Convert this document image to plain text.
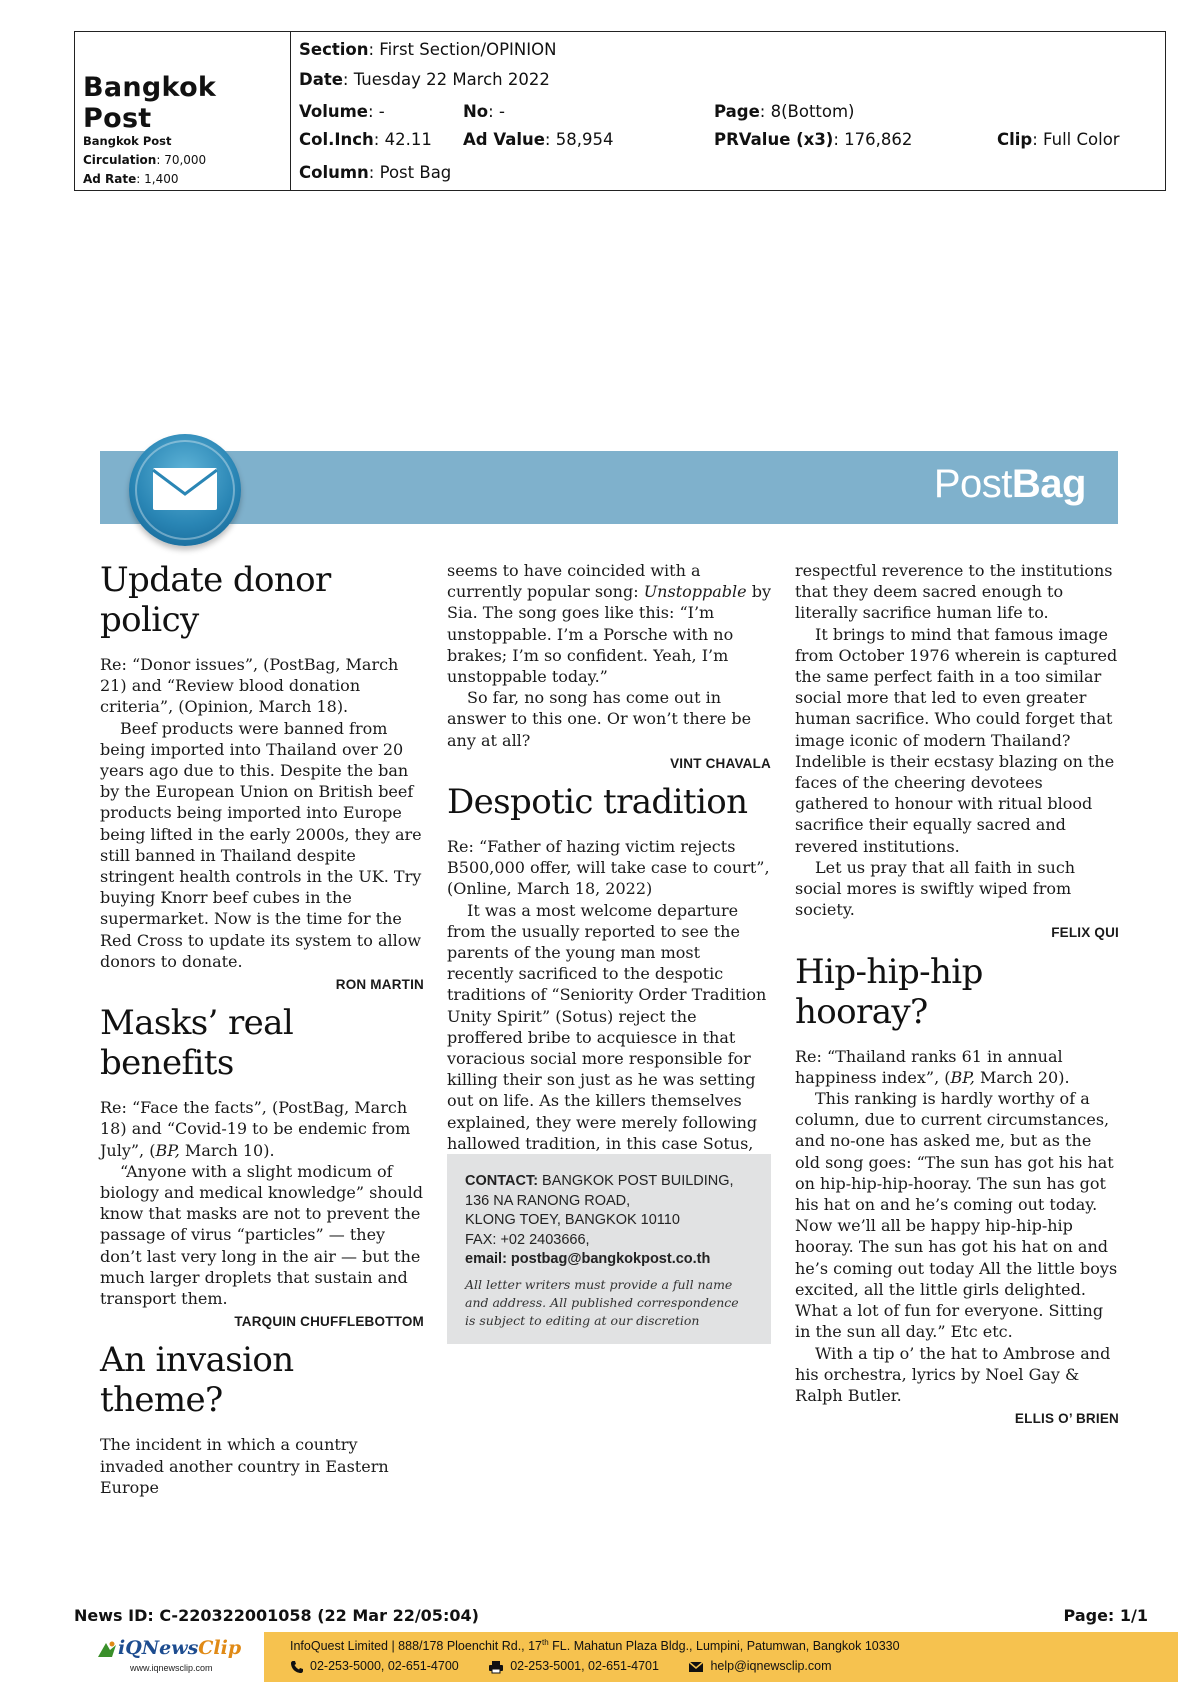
Bangkok Post
Bangkok Post
Circulation: 70,000
Ad Rate: 1,400
Section: First Section/OPINION
Date: Tuesday 22 March 2022
Volume: -	No: -	Page: 8(Bottom)
Col.Inch: 42.11 Ad Value: 58,954	PRValue (x3): 176,862	Clip: Full Color
Column: Post Bag
PostBag
Update donor policy

Re: “Donor issues”, (PostBag, March 21) and “Review blood donation criteria”, (Opinion, March 18).

Beef products were banned from being imported into Thailand over 20 years ago due to this. Despite the ban by the European Union on British beef products being imported into Europe being lifted in the early 2000s, they are still banned in Thailand despite stringent health controls in the UK. Try buying Knorr beef cubes in the supermarket. Now is the time for the Red Cross to update its system to allow donors to donate.

RON MARTIN
Masks’ real benefits

Re: “Face the facts”, (PostBag, March 18) and “Covid-19 to be endemic from July”, (BP, March 10).

“Anyone with a slight modicum of biology and medical knowledge” should know that masks are not to prevent the passage of virus “particles” — they don’t last very long in the air — but the much larger droplets that sustain and transport them.

TARQUIN CHUFFLEBOTTOM
An invasion theme?

The incident in which a country invaded another country in Eastern Europe

seems to have coincided with a currently popular song: Unstoppable by Sia. The song goes like this: “I’m unstoppable. I’m a Porsche with no brakes; I’m so confident. Yeah, I’m unstoppable today.”

So far, no song has come out in answer to this one. Or won’t there be any at all?

VINT CHAVALA
Despotic tradition

Re: “Father of hazing victim rejects B500,000 offer, will take case to court”, (Online, March 18, 2022)

It was a most welcome departure from the usually reported to see the parents of the young man most recently sacrificed to the despotic traditions of “Seniority Order Tradition Unity Spirit” (Sotus) reject the proffered bribe to acquiesce in that voracious social more responsible for killing their son just as he was setting out on life. As the killers themselves explained, they were merely following hallowed tradition, in this case Sotus,

CONTACT: BANGKOK POST BUILDING,
136 NA RANONG ROAD,
KLONG TOEY, BANGKOK 10110
FAX: +02 2403666,
email: postbag@bangkokpost.co.th
All letter writers must provide a full name and address. All published correspondence is subject to editing at our discretion

respectful reverence to the institutions that they deem sacred enough to literally sacrifice human life to.

It brings to mind that famous image from October 1976 wherein is captured the same perfect faith in a too similar social more that led to even greater human sacrifice. Who could forget that image iconic of modern Thailand? Indelible is their ecstasy blazing on the faces of the cheering devotees gathered to honour with ritual blood sacrifice their equally sacred and revered institutions.

Let us pray that all faith in such social mores is swiftly wiped from society.

FELIX QUI
Hip-hip-hip hooray?

Re: “Thailand ranks 61 in annual happiness index”, (BP, March 20).

This ranking is hardly worthy of a column, due to current circumstances, and no-one has asked me, but as the old song goes: “The sun has got his hat on hip-hip-hip-hooray. The sun has got his hat on and he’s coming out today. Now we’ll all be happy hip-hip-hip hooray. The sun has got his hat on and he’s coming out today All the little boys excited, all the little girls delighted. What a lot of fun for everyone. Sitting in the sun all day.” Etc etc.

With a tip o’ the hat to Ambrose and his orchestra, lyrics by Noel Gay & Ralph Butler.

ELLIS O’ BRIEN
News ID: C-220322001058 (22 Mar 22/05:04)	Page: 1/1
iQNewsClip
www.iqnewsclip.com
InfoQuest Limited | 888/178 Ploenchit Rd., 17th FL. Mahatun Plaza Bldg., Lumpini, Patumwan, Bangkok 10330
02-253-5000, 02-651-4700	02-253-5001, 02-651-4701	help@iqnewsclip.com
